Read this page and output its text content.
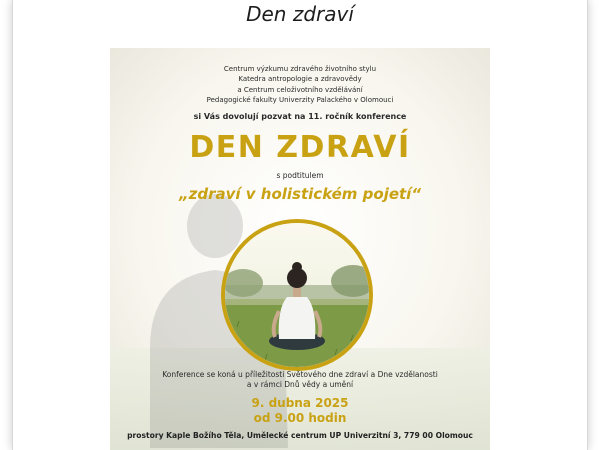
Den zdraví
Centrum výzkumu zdravého životního stylu
Katedra antropologie a zdravovědy
a Centrum celoživotního vzdělávání
Pedagogické fakulty Univerzity Palackého v Olomouci
si Vás dovolují pozvat na 11. ročník konference
DEN ZDRAVÍ
s podtitulem
„zdraví v holistickém pojetí“
Konference se koná u příležitosti Světového dne zdraví a Dne vzdělanosti
a v rámci Dnů vědy a umění
9. dubna 2025
od 9.00 hodin
prostory Kaple Božího Těla, Umělecké centrum UP Univerzitní 3, 779 00 Olomouc
